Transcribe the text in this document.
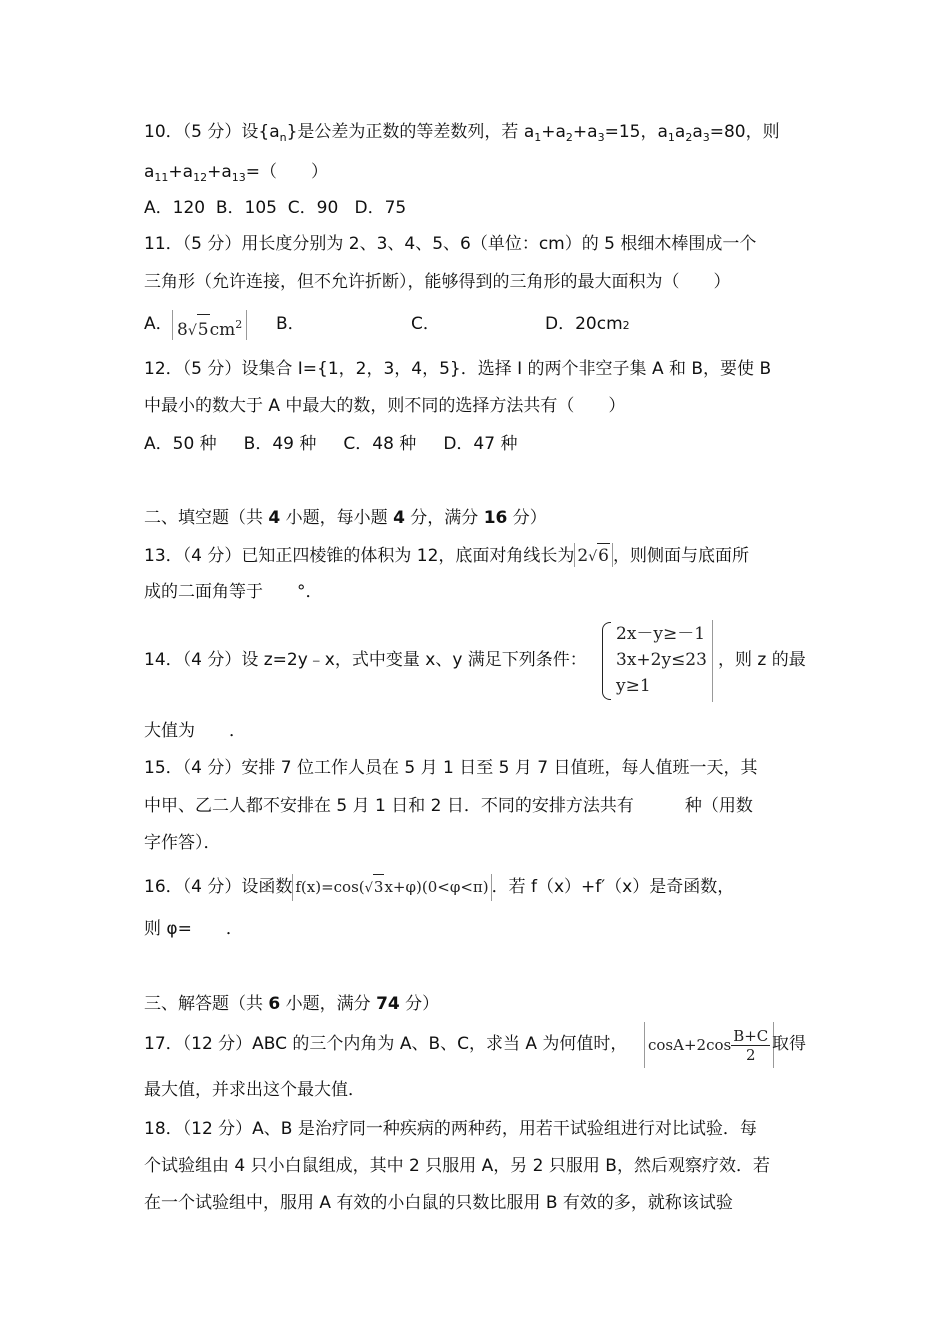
10．（5 分）设$\{a_n\}$是公差为正数的等差数列，若 $a_1+a_2+a_3=15$，$a_1a_2a_3=80$，则
$a_{11}+a_{12}+a_{13}=$（　　）
A．120  B．105  C．90   D．75
11．（5 分）用长度分别为 2、3、4、5、6（单位：cm）的 5 根细木棒围成一个
三角形（允许连接，但不允许折断），能够得到的三角形的最大面积为（　　）
A． $8√5cm^2$ B．	C．	D．20cm2
12．（5 分）设集合 I={1，2，3，4，5}．选择 I 的两个非空子集 A 和 B，要使 B
中最小的数大于 A 中最大的数，则不同的选择方法共有（　　）
A．50 种     B．49 种     C．48 种     D．47 种
二、填空题（共 4 小题，每小题 4 分，满分 16 分）
13．（4 分）已知正四棱锥的体积为 12，底面对角线长为 2√6 ，则侧面与底面所
成的二面角等于　　°．
14．（4 分）设 z=2y﹣x，式中变量 x、y 满足下列条件：
2x－y≥－1
3x+2y≤23
y≥1
，则 z 的最
大值为　　．
15．（4 分）安排 7 位工作人员在 5 月 1 日至 5 月 7 日值班，每人值班一天，其
中甲、乙二人都不安排在 5 月 1 日和 2 日．不同的安排方法共有　　　种（用数
字作答）．
16．（4 分）设函数 f(x)=cos(√3x+φ)(0<φ<π) ．若 f（x）+f′（x）是奇函数，
则 φ=　　．
三、解答题（共 6 小题，满分 74 分）
17．（12 分）ABC 的三个内角为 A、B、C，求当 A 为何值时， $\cos A+2\cos \frac{B+C}{2}$ 取得
最大值，并求出这个最大值．
18．（12 分）A、B 是治疗同一种疾病的两种药，用若干试验组进行对比试验．每
个试验组由 4 只小白鼠组成，其中 2 只服用 A，另 2 只服用 B，然后观察疗效．若
在一个试验组中，服用 A 有效的小白鼠的只数比服用 B 有效的多，就称该试验
